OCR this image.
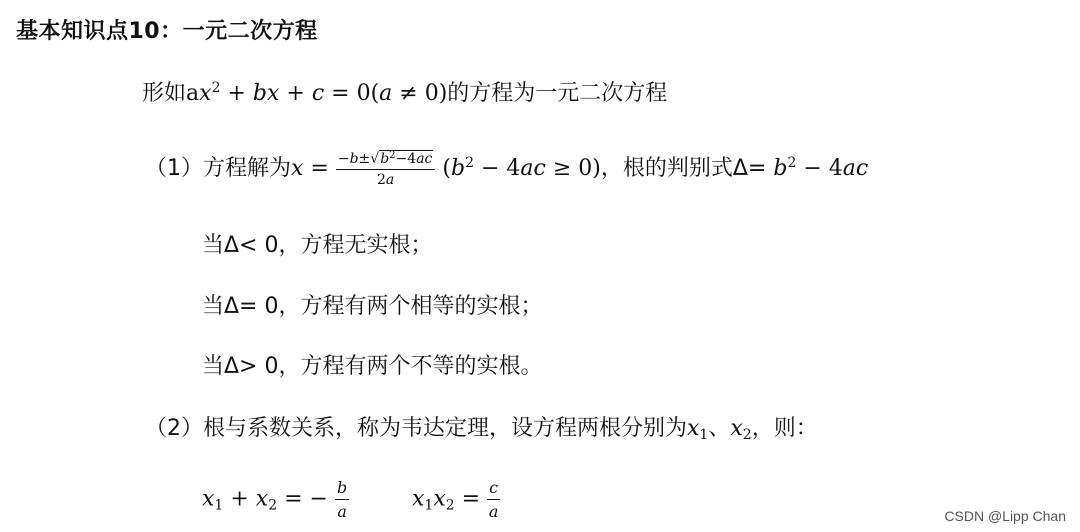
基本知识点10：一元二次方程
形如$ax^2$ + bx + c = 0(a ≠ 0)的方程为一元二次方程
（1）方程解为$x = \frac{-b\pm√b^2-4ac}{2a} (b^2 - 4ac \ge 0)$，根的判别式$\Delta= b^2 - 4ac$
当Δ< 0，方程无实根；
当Δ= 0，方程有两个相等的实根；
当Δ> 0，方程有两个不等的实根。
（2）根与系数关系，称为韦达定理，设方程两根分别为$x_1$、$x_2$，则：
$x_1 + x_2$ = − $\frac{b}{a}$	$x_1x_2 = \frac{c}{a}$	CSDN @Lipp Chan
